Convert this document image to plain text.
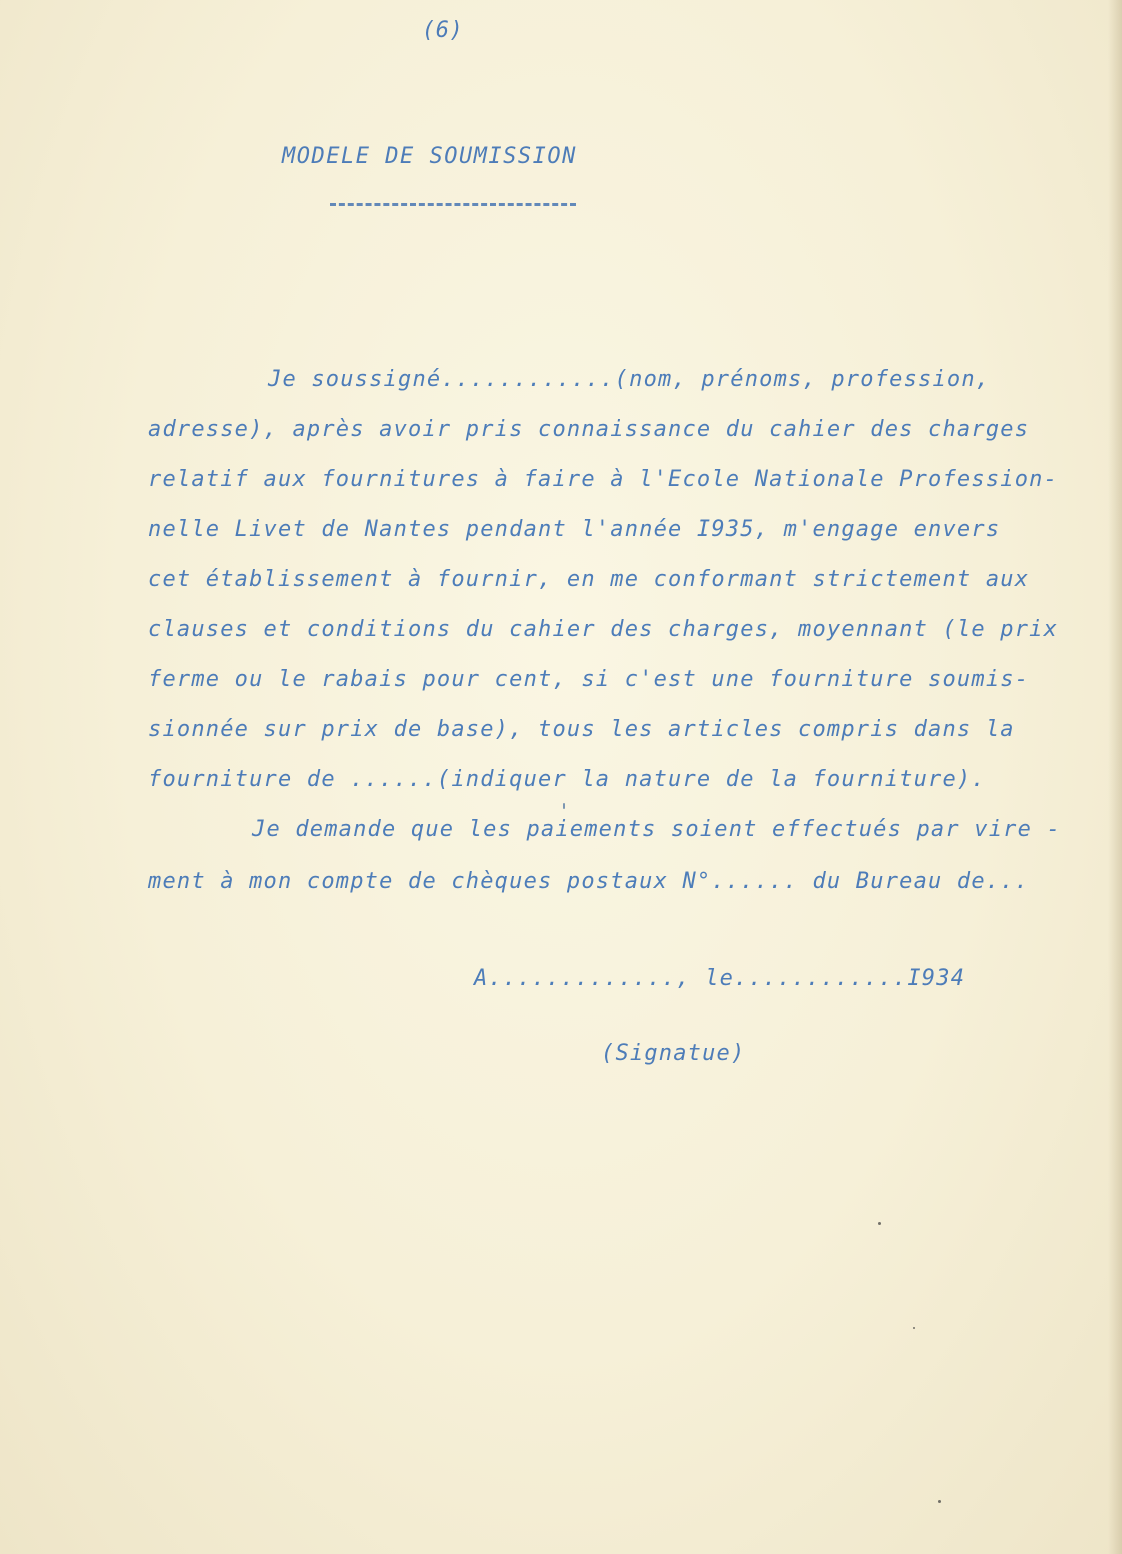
(6)
MODELE DE SOUMISSION
Je soussigné............(nom, prénoms, profession,
adresse), après avoir pris connaissance du cahier des charges
relatif aux fournitures à faire à l'Ecole Nationale Profession-
nelle Livet de Nantes pendant l'année I935, m'engage envers
cet établissement à fournir, en me conformant strictement aux
clauses et conditions du cahier des charges, moyennant (le prix
ferme ou le rabais pour cent, si c'est une fourniture soumis-
sionnée sur prix de base), tous les articles compris dans la
fourniture de ......(indiquer la nature de la fourniture).
Je demande que les paiements soient effectués par vire -
ment à mon compte de chèques postaux N°...... du Bureau de...
A............., le............I934
(Signatue)
